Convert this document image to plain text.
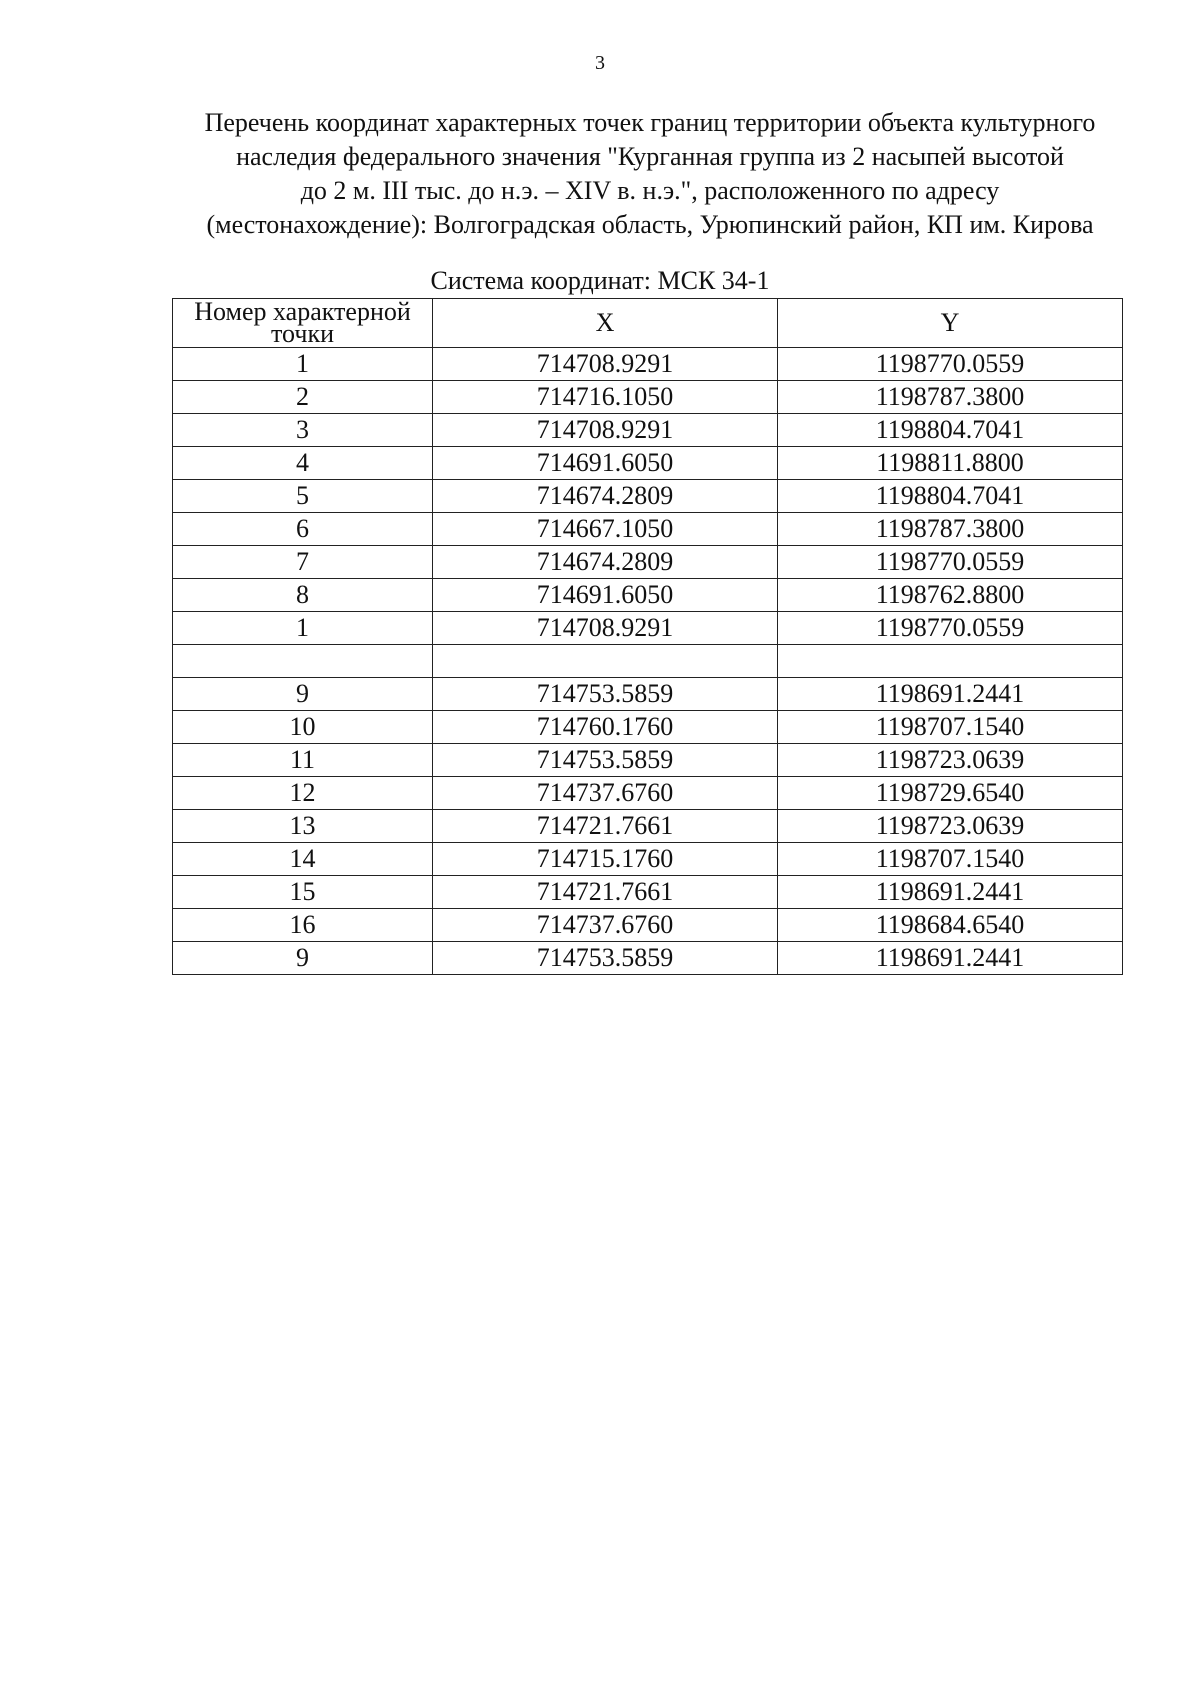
3
Перечень координат характерных точек границ территории объекта культурного
наследия федерального значения "Курганная группа из 2 насыпей высотой
до 2 м. III тыс. до н.э. – XIV в. н.э.", расположенного по адресу
(местонахождение): Волгоградская область, Урюпинский район, КП им. Кирова
Система координат: МСК 34-1
Номер характерной точки	X	Y
1	714708.9291	1198770.0559
2	714716.1050	1198787.3800
3	714708.9291	1198804.7041
4	714691.6050	1198811.8800
5	714674.2809	1198804.7041
6	714667.1050	1198787.3800
7	714674.2809	1198770.0559
8	714691.6050	1198762.8800
1	714708.9291	1198770.0559

9	714753.5859	1198691.2441
10	714760.1760	1198707.1540
11	714753.5859	1198723.0639
12	714737.6760	1198729.6540
13	714721.7661	1198723.0639
14	714715.1760	1198707.1540
15	714721.7661	1198691.2441
16	714737.6760	1198684.6540
9	714753.5859	1198691.2441
